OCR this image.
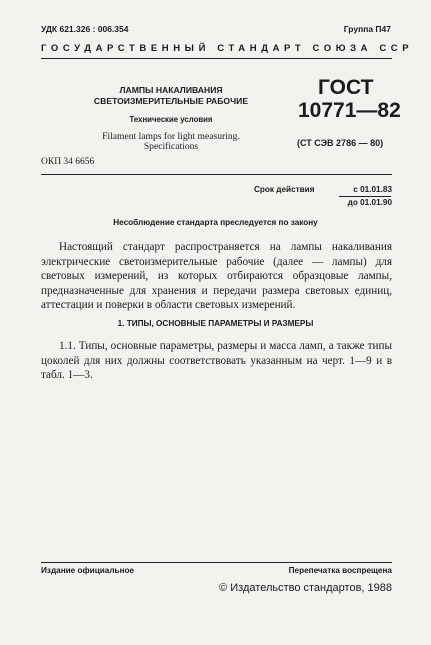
УДК 621.326 : 006.354	Группа П47
ГОСУДАРСТВЕННЫЙ СТАНДАРТ СОЮЗА ССР
ЛАМПЫ НАКАЛИВАНИЯ
СВЕТОИЗМЕРИТЕЛЬНЫЕ РАБОЧИЕ
Технические условия
Filament lamps for light measuring.
Specifications
ГОСТ
10771—82
(СТ СЭВ 2786 — 80)
ОКП 34 6656
Срок действия	с 01.01.83
до 01.01.90
Несоблюдение стандарта преследуется по закону
Настоящий стандарт распространяется на лампы накаливания электрические светоизмерительные рабочие (далее — лампы) для световых измерений, из которых отбираются образцовые лампы, предназначенные для хранения и передачи размера световых единиц, аттестации и поверки в области световых измерений.
1. ТИПЫ, ОСНОВНЫЕ ПАРАМЕТРЫ И РАЗМЕРЫ
1.1. Типы, основные параметры, размеры и масса ламп, а также типы цоколей для них должны соответствовать указанным на черт. 1—9 и в табл. 1—3.
Издание официальное	Перепечатка воспрещена
© Издательство стандартов, 1988
